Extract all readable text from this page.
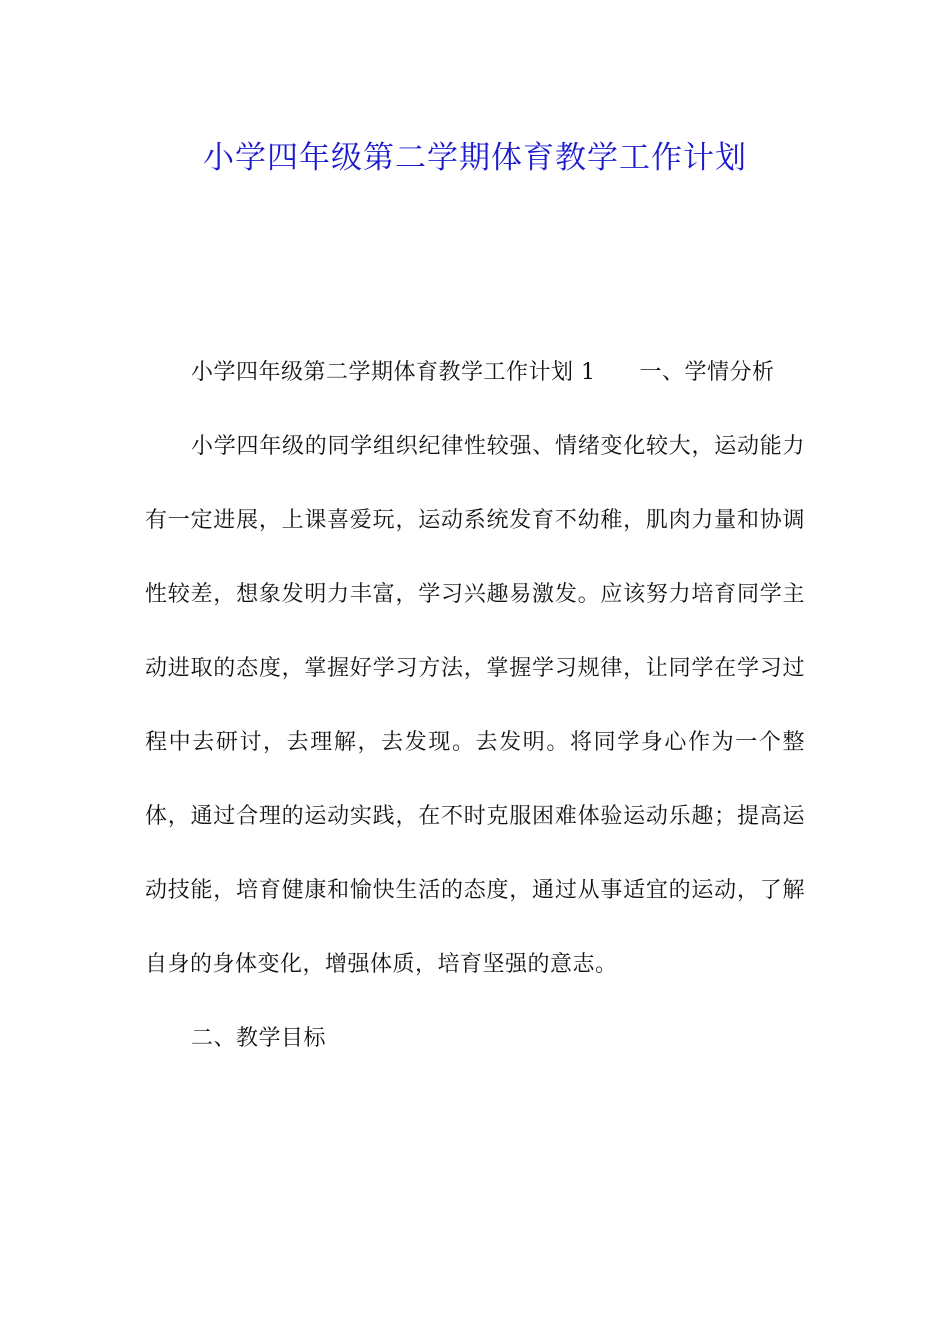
小学四年级第二学期体育教学工作计划

小学四年级第二学期体育教学工作计划 1 一、学情分析

小学四年级的同学组织纪律性较强、情绪变化较大，运动能力有一定进展，上课喜爱玩，运动系统发育不幼稚，肌肉力量和协调性较差，想象发明力丰富，学习兴趣易激发。应该努力培育同学主动进取的态度，掌握好学习方法，掌握学习规律，让同学在学习过程中去研讨，去理解，去发现。去发明。将同学身心作为一个整体，通过合理的运动实践，在不时克服困难体验运动乐趣；提高运动技能，培育健康和愉快生活的态度，通过从事适宜的运动，了解自身的身体变化，增强体质，培育坚强的意志。

二、教学目标
